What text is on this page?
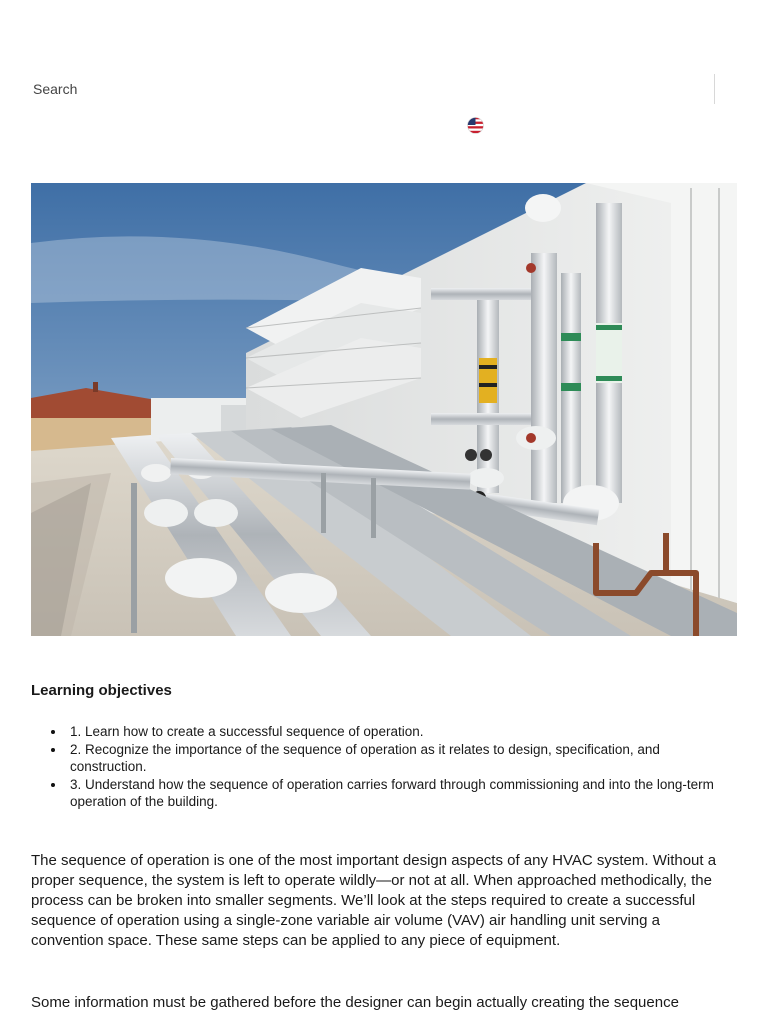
Search
Learning objectives
1. Learn how to create a successful sequence of operation.
2. Recognize the importance of the sequence of operation as it relates to design, specification, and construction.
3. Understand how the sequence of operation carries forward through commissioning and into the long-term operation of the building.

The sequence of operation is one of the most important design aspects of any HVAC system. Without a proper sequence, the system is left to operate wildly—or not at all. When approached methodically, the process can be broken into smaller segments. We’ll look at the steps required to create a successful sequence of operation using a single-zone variable air volume (VAV) air handling unit serving a convention space. These same steps can be applied to any piece of equipment.

Some information must be gathered before the designer can begin actually creating the sequence
